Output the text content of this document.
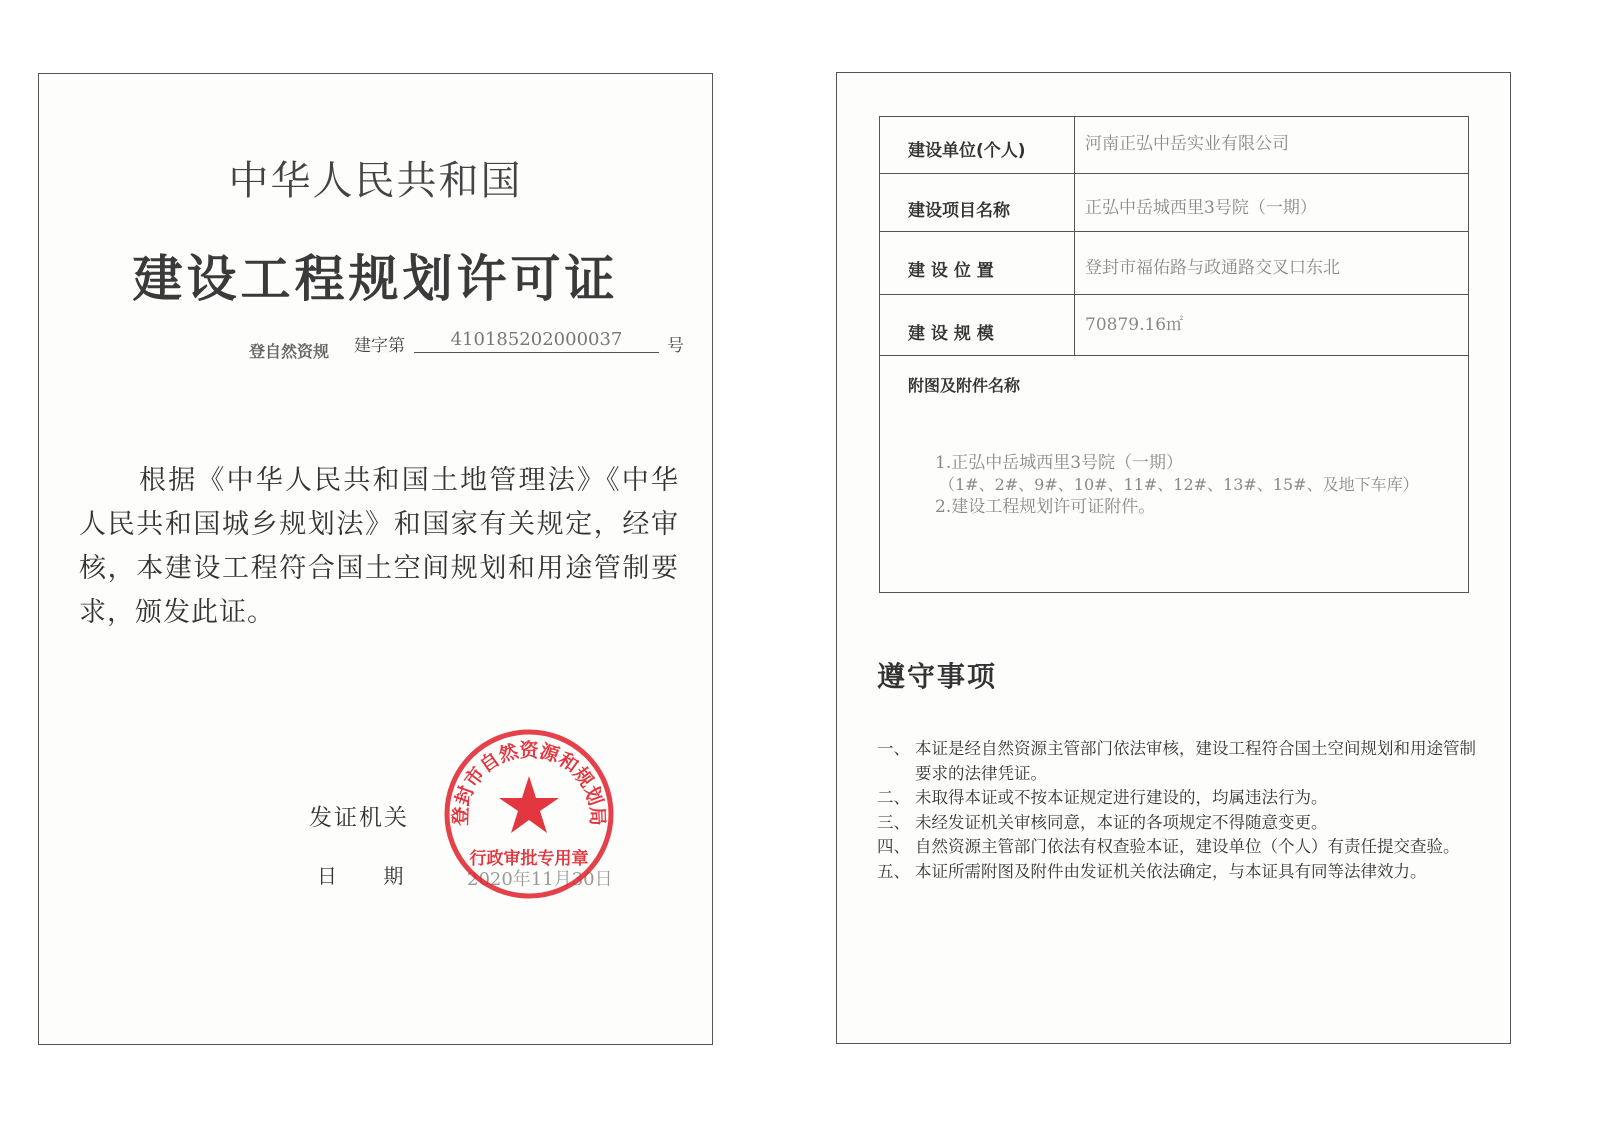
中华人民共和国
建设工程规划许可证
登自然资规 建字第	410185202000037	号
根据《中华人民共和国土地管理法》《中华人民共和国城乡规划法》和国家有关规定，经审核，本建设工程符合国土空间规划和用途管制要求，颁发此证。
发证机关
日 期	2020年11月30日
登封市自然资源和规划局
行政审批专用章
建设单位(个人)	河南正弘中岳实业有限公司
建设项目名称	正弘中岳城西里3号院（一期）
建 设 位 置	登封市福佑路与政通路交叉口东北
建 设 规 模	70879.16㎡
附图及附件名称
1.正弘中岳城西里3号院（一期）
（1#、2#、9#、10#、11#、12#、13#、15#、及地下车库）
2.建设工程规划许可证附件。
遵守事项
一、 本证是经自然资源主管部门依法审核，建设工程符合国土空间规划和用途管制要求的法律凭证。
二、 未取得本证或不按本证规定进行建设的，均属违法行为。
三、 未经发证机关审核同意，本证的各项规定不得随意变更。
四、 自然资源主管部门依法有权查验本证，建设单位（个人）有责任提交查验。
五、 本证所需附图及附件由发证机关依法确定，与本证具有同等法律效力。
